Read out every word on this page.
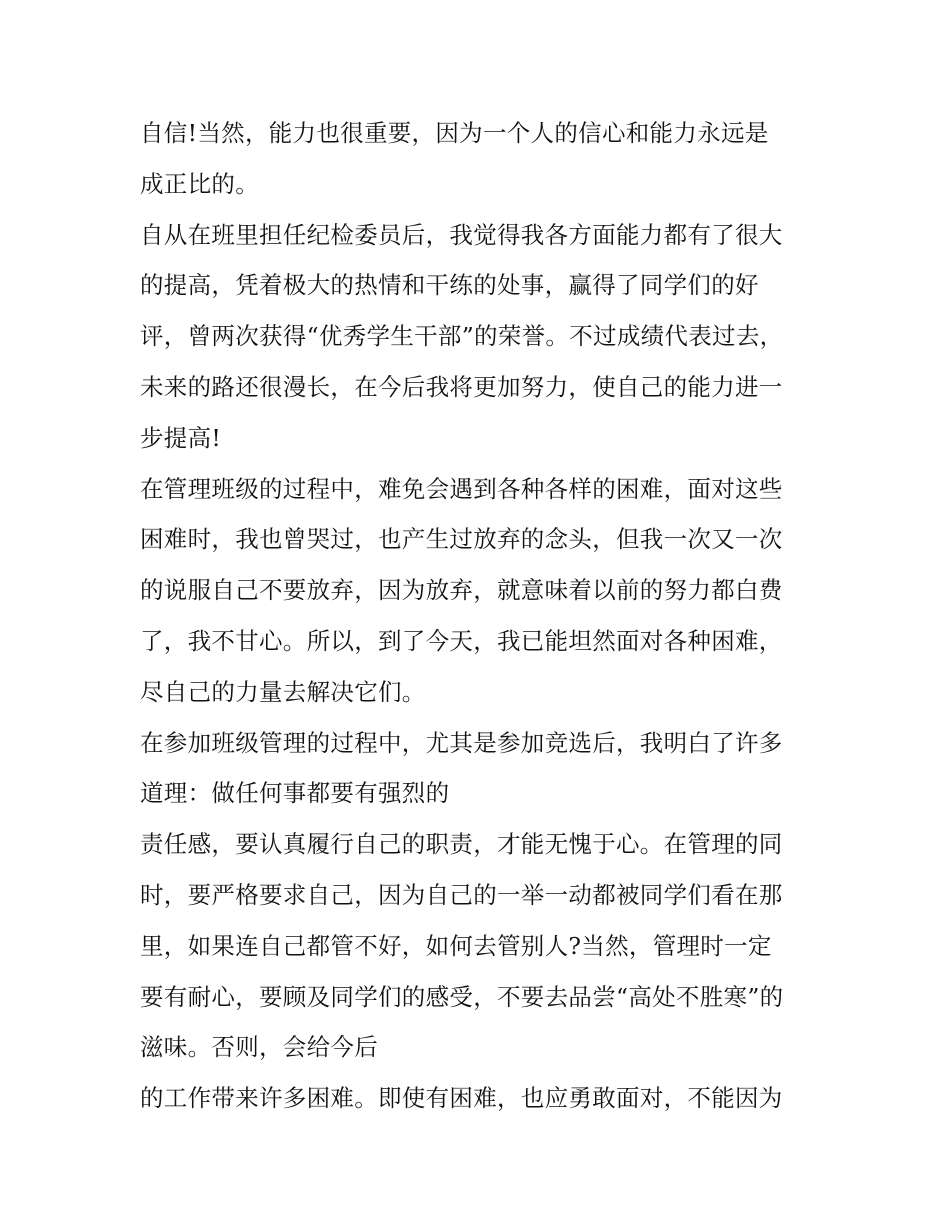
自信!当然，能力也很重要，因为一个人的信心和能力永远是
成正比的。
自从在班里担任纪检委员后，我觉得我各方面能力都有了很大
的提高，凭着极大的热情和干练的处事，赢得了同学们的好
评，曾两次获得“优秀学生干部”的荣誉。不过成绩代表过去，
未来的路还很漫长，在今后我将更加努力，使自己的能力进一
步提高!
在管理班级的过程中，难免会遇到各种各样的困难，面对这些
困难时，我也曾哭过，也产生过放弃的念头，但我一次又一次
的说服自己不要放弃，因为放弃，就意味着以前的努力都白费
了，我不甘心。所以，到了今天，我已能坦然面对各种困难，
尽自己的力量去解决它们。
在参加班级管理的过程中，尤其是参加竞选后，我明白了许多
道理：做任何事都要有强烈的
责任感，要认真履行自己的职责，才能无愧于心。在管理的同
时，要严格要求自己，因为自己的一举一动都被同学们看在那
里，如果连自己都管不好，如何去管别人?当然，管理时一定
要有耐心，要顾及同学们的感受，不要去品尝“高处不胜寒”的
滋味。否则，会给今后
的工作带来许多困难。即使有困难，也应勇敢面对，不能因为
